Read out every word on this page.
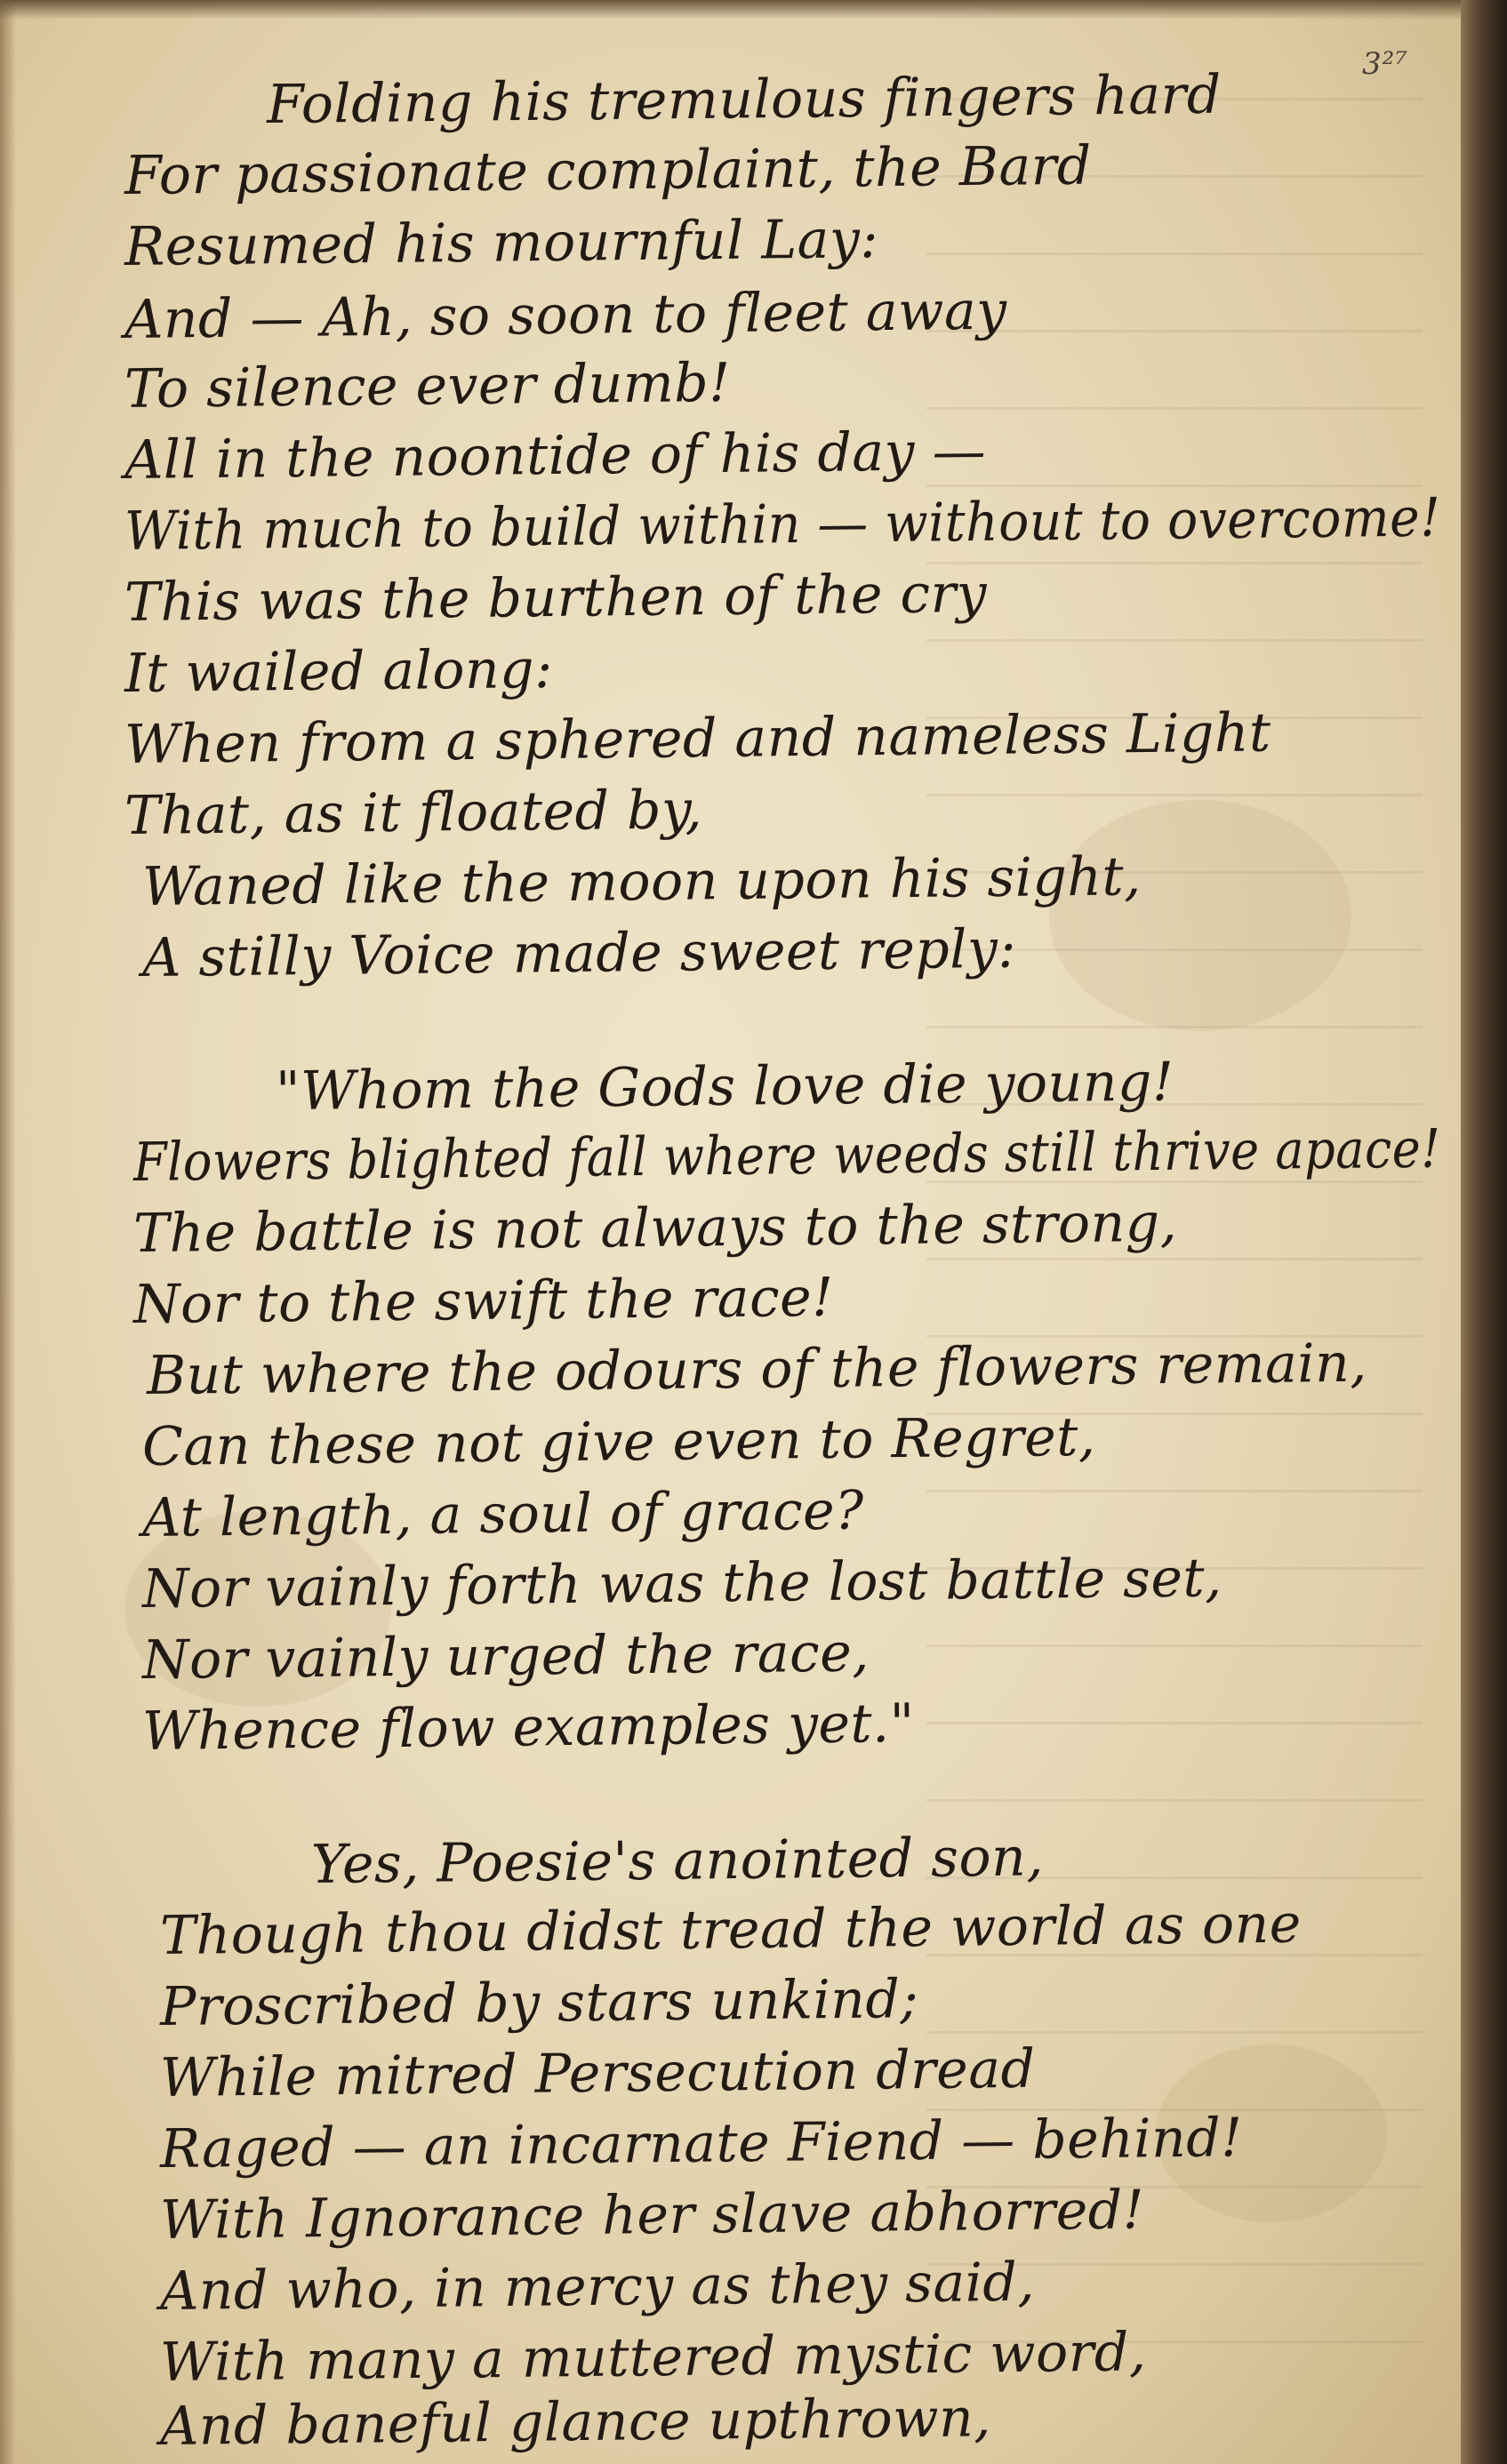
3²⁷
Folding his tremulous fingers hard
For passionate complaint, the Bard
Resumed his mournful Lay:
And — Ah, so soon to fleet away
To silence ever dumb!
All in the noontide of his day —
With much to build within — without to overcome!
This was the burthen of the cry
It wailed along:
When from a sphered and nameless Light
That, as it floated by,
Waned like the moon upon his sight,
A stilly Voice made sweet reply:
"Whom the Gods love die young!
Flowers blighted fall where weeds still thrive apace!
The battle is not always to the strong,
Nor to the swift the race!
But where the odours of the flowers remain,
Can these not give even to Regret,
At length, a soul of grace?
Nor vainly forth was the lost battle set,
Nor vainly urged the race,
Whence flow examples yet."
Yes, Poesie's anointed son,
Though thou didst tread the world as one
Proscribed by stars unkind;
While mitred Persecution dread
Raged — an incarnate Fiend — behind!
With Ignorance her slave abhorred!
And who, in mercy as they said,
With many a muttered mystic word,
And baneful glance upthrown,
